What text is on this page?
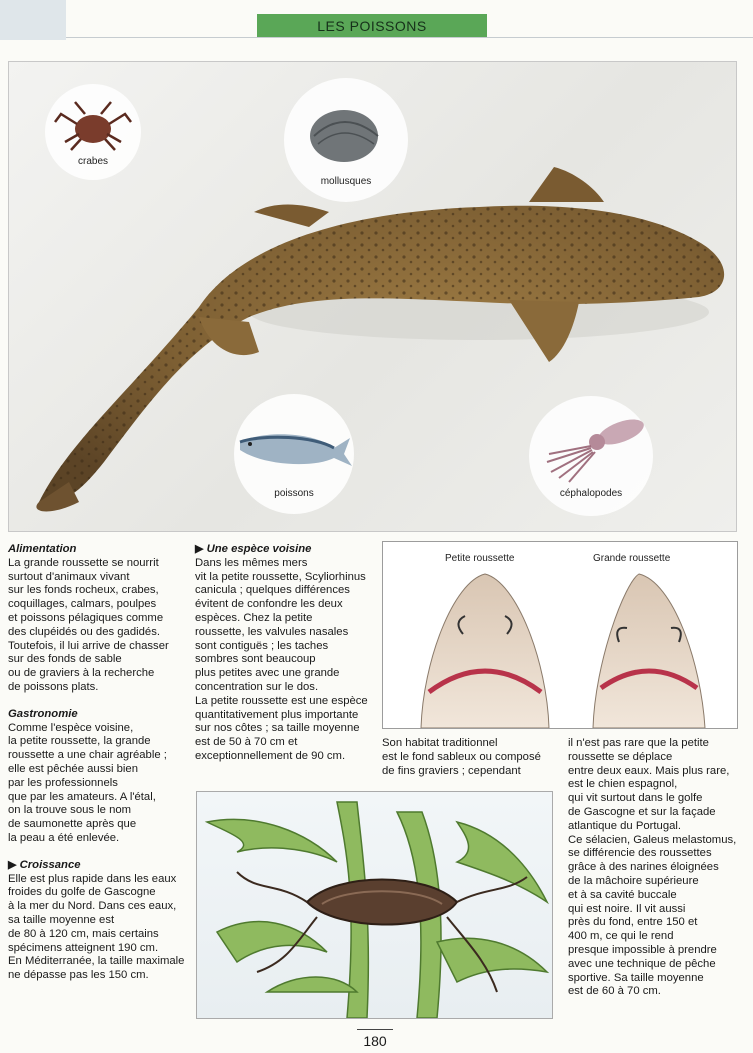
LES POISSONS
crabes
mollusques
poissons	céphalopodes

Alimentation

La grande roussette se nourrit

surtout d'animaux vivant

sur les fonds rocheux, crabes,

coquillages, calmars, poulpes

et poissons pélagiques comme

des clupéidés ou des gadidés.

Toutefois, il lui arrive de chasser

sur des fonds de sable

ou de graviers à la recherche

de poissons plats.

Gastronomie

Comme l'espèce voisine,

la petite roussette, la grande

roussette a une chair agréable ;

elle est pêchée aussi bien

par les professionnels

que par les amateurs. A l'étal,

on la trouve sous le nom

de saumonette après que

la peau a été enlevée.

▶ Croissance

Elle est plus rapide dans les eaux

froides du golfe de Gascogne

à la mer du Nord. Dans ces eaux,

sa taille moyenne est

de 80 à 120 cm, mais certains

spécimens atteignent 190 cm.

En Méditerranée, la taille maximale

ne dépasse pas les 150 cm.

▶ Une espèce voisine

Dans les mêmes mers

vit la petite roussette, Scyliorhinus

canicula ; quelques différences

évitent de confondre les deux

espèces. Chez la petite

roussette, les valvules nasales

sont contiguës ; les taches

sombres sont beaucoup

plus petites avec une grande

concentration sur le dos.

La petite roussette est une espèce

quantitativement plus importante

sur nos côtes ; sa taille moyenne

est de 50 à 70 cm et

exceptionnellement de 90 cm.

Petite roussette	Grande roussette

Son habitat traditionnel

est le fond sableux ou composé

de fins graviers ; cependant

il n'est pas rare que la petite

roussette se déplace

entre deux eaux. Mais plus rare,

est le chien espagnol,

qui vit surtout dans le golfe

de Gascogne et sur la façade

atlantique du Portugal.

Ce sélacien, Galeus melastomus,

se différencie des roussettes

grâce à des narines éloignées

de la mâchoire supérieure

et à sa cavité buccale

qui est noire. Il vit aussi

près du fond, entre 150 et

400 m, ce qui le rend

presque impossible à prendre

avec une technique de pêche

sportive. Sa taille moyenne

est de 60 à 70 cm.

180
